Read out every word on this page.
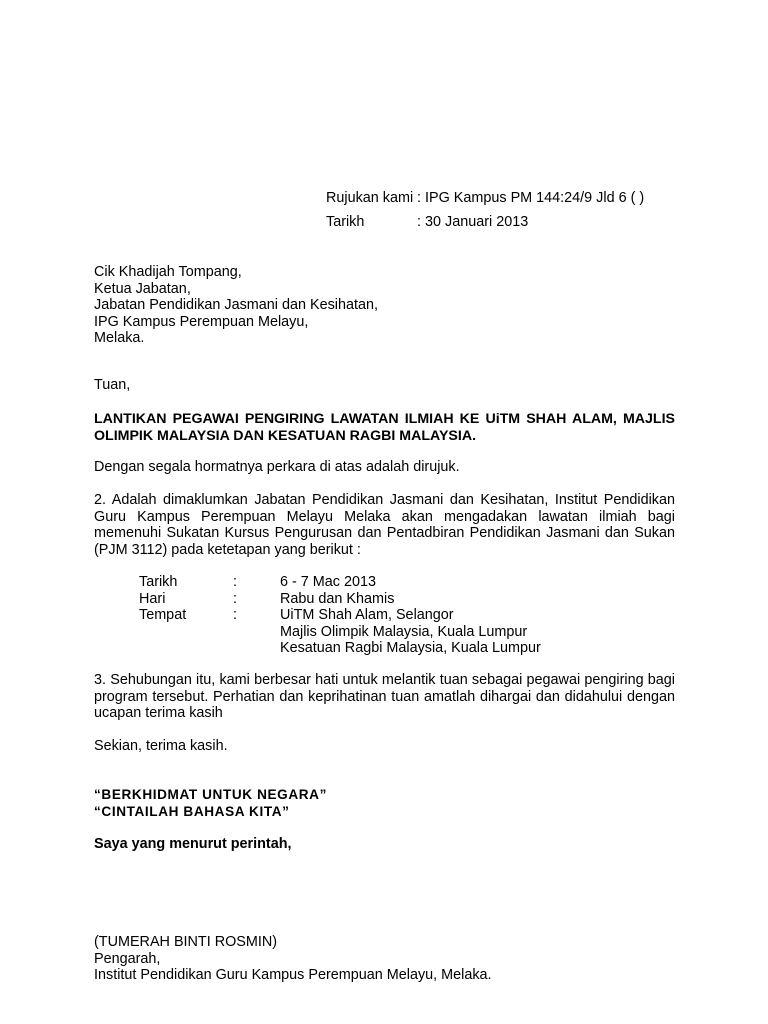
Rujukan kami : IPG Kampus PM 144:24/9 Jld 6 ( )
Tarikh	: 30 Januari 2013
Cik Khadijah Tompang,
Ketua Jabatan,
Jabatan Pendidikan Jasmani dan Kesihatan,
IPG Kampus Perempuan Melayu,
Melaka.
Tuan,
LANTIKAN PEGAWAI PENGIRING LAWATAN ILMIAH KE UiTM SHAH ALAM, MAJLIS OLIMPIK MALAYSIA DAN KESATUAN RAGBI MALAYSIA.
Dengan segala hormatnya perkara di atas adalah dirujuk.
2. Adalah dimaklumkan Jabatan Pendidikan Jasmani dan Kesihatan, Institut Pendidikan Guru Kampus Perempuan Melayu Melaka akan mengadakan lawatan ilmiah bagi memenuhi Sukatan Kursus Pengurusan dan Pentadbiran Pendidikan Jasmani dan Sukan (PJM 3112) pada ketetapan yang berikut :
Tarikh	:	6 - 7 Mac 2013
Hari	:	Rabu dan Khamis
Tempat	:	UiTM Shah Alam, Selangor
Majlis Olimpik Malaysia, Kuala Lumpur
Kesatuan Ragbi Malaysia, Kuala Lumpur
3. Sehubungan itu, kami berbesar hati untuk melantik tuan sebagai pegawai pengiring bagi program tersebut. Perhatian dan keprihatinan tuan amatlah dihargai dan didahului dengan ucapan terima kasih
Sekian, terima kasih.
“BERKHIDMAT UNTUK NEGARA”
“CINTAILAH BAHASA KITA”
Saya yang menurut perintah,
(TUMERAH BINTI ROSMIN)
Pengarah,
Institut Pendidikan Guru Kampus Perempuan Melayu, Melaka.
